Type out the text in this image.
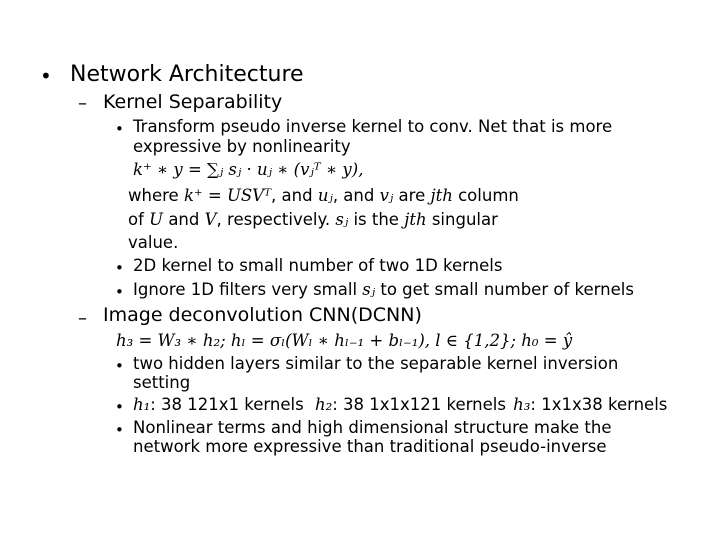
• Network Architecture
– Kernel Separability
• Transform pseudo inverse kernel to conv. Net that is more
expressive by nonlinearity
k⁺ ∗ y = ∑ⱼ sⱼ · uⱼ ∗ (vⱼᵀ ∗ y),
where k⁺ = USVᵀ, and uⱼ, and vⱼ are jth column
of U and V, respectively. sⱼ is the jth singular
value.
• 2D kernel to small number of two 1D kernels
• Ignore 1D filters very small sⱼ to get small number of kernels
– Image deconvolution CNN(DCNN)
h₃ = W₃ ∗ h₂; hₗ = σₗ(Wₗ ∗ hₗ₋₁ + bₗ₋₁), l ∈ {1,2}; h₀ = ŷ
• two hidden layers similar to the separable kernel inversion
setting
• h₁: 38 121x1 kernels h₂: 38 1x1x121 kernels h₃: 1x1x38 kernels
• Nonlinear terms and high dimensional structure make the
network more expressive than traditional pseudo-inverse
